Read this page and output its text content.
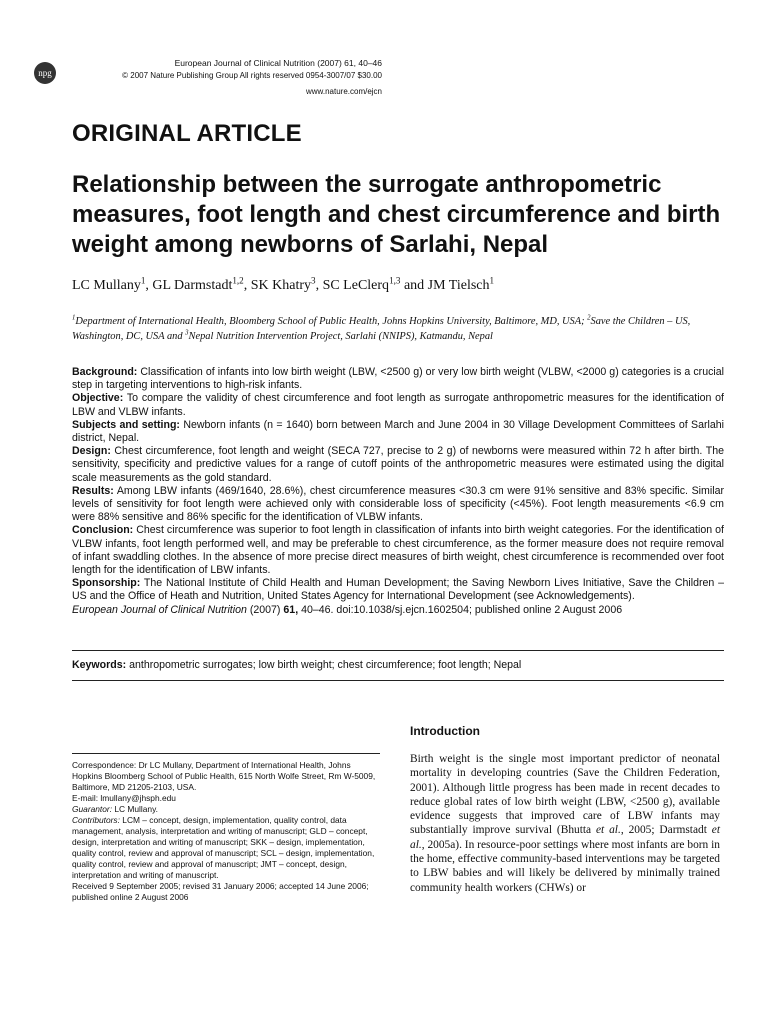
npg
European Journal of Clinical Nutrition (2007) 61, 40–46
© 2007 Nature Publishing Group All rights reserved 0954-3007/07 $30.00
www.nature.com/ejcn
ORIGINAL ARTICLE
Relationship between the surrogate anthropometric measures, foot length and chest circumference and birth weight among newborns of Sarlahi, Nepal
LC Mullany$^1$, GL Darmstadt$^{1,2}$, SK Khatry$^3$, SC LeClerq$^{1,3}$ and JM Tielsch$^1$
$^1$Department of International Health, Bloomberg School of Public Health, Johns Hopkins University, Baltimore, MD, USA; $^2$Save the Children – US, Washington, DC, USA and $^3$Nepal Nutrition Intervention Project, Sarlahi (NNIPS), Katmandu, Nepal

Background: Classification of infants into low birth weight (LBW, <2500 g) or very low birth weight (VLBW, <2000 g) categories is a crucial step in targeting interventions to high-risk infants.

Objective: To compare the validity of chest circumference and foot length as surrogate anthropometric measures for the identification of LBW and VLBW infants.

Subjects and setting: Newborn infants (n = 1640) born between March and June 2004 in 30 Village Development Committees of Sarlahi district, Nepal.

Design: Chest circumference, foot length and weight (SECA 727, precise to 2 g) of newborns were measured within 72 h after birth. The sensitivity, specificity and predictive values for a range of cutoff points of the anthropometric measures were estimated using the digital scale measurements as the gold standard.

Results: Among LBW infants (469/1640, 28.6%), chest circumference measures <30.3 cm were 91% sensitive and 83% specific. Similar levels of sensitivity for foot length were achieved only with considerable loss of specificity (<45%). Foot length measurements <6.9 cm were 88% sensitive and 86% specific for the identification of VLBW infants.

Conclusion: Chest circumference was superior to foot length in classification of infants into birth weight categories. For the identification of VLBW infants, foot length performed well, and may be preferable to chest circumference, as the former measure does not require removal of infant swaddling clothes. In the absence of more precise direct measures of birth weight, chest circumference is recommended over foot length for the identification of LBW infants.

Sponsorship: The National Institute of Child Health and Human Development; the Saving Newborn Lives Initiative, Save the Children – US and the Office of Heath and Nutrition, United States Agency for International Development (see Acknowledgements).

European Journal of Clinical Nutrition (2007) 61, 40–46. doi:10.1038/sj.ejcn.1602504; published online 2 August 2006

Keywords: anthropometric surrogates; low birth weight; chest circumference; foot length; Nepal

Correspondence: Dr LC Mullany, Department of International Health, Johns Hopkins Bloomberg School of Public Health, 615 North Wolfe Street, Rm W-5009, Baltimore, MD 21205-2103, USA.

E-mail: lmullany@jhsph.edu

Guarantor: LC Mullany.

Contributors: LCM – concept, design, implementation, quality control, data management, analysis, interpretation and writing of manuscript; GLD – concept, design, interpretation and writing of manuscript; SKK – design, implementation, quality control, review and approval of manuscript; SCL – design, implementation, quality control, review and approval of manuscript; JMT – concept, design, interpretation and writing of manuscript.

Received 9 September 2005; revised 31 January 2006; accepted 14 June 2006; published online 2 August 2006

Introduction
Birth weight is the single most important predictor of neonatal mortality in developing countries (Save the Children Federation, 2001). Although little progress has been made in recent decades to reduce global rates of low birth weight (LBW, <2500 g), available evidence suggests that improved care of LBW infants may substantially improve survival (Bhutta et al., 2005; Darmstadt et al., 2005a). In resource-poor settings where most infants are born in the home, effective community-based interventions may be targeted to LBW babies and will likely be delivered by minimally trained community health workers (CHWs) or
